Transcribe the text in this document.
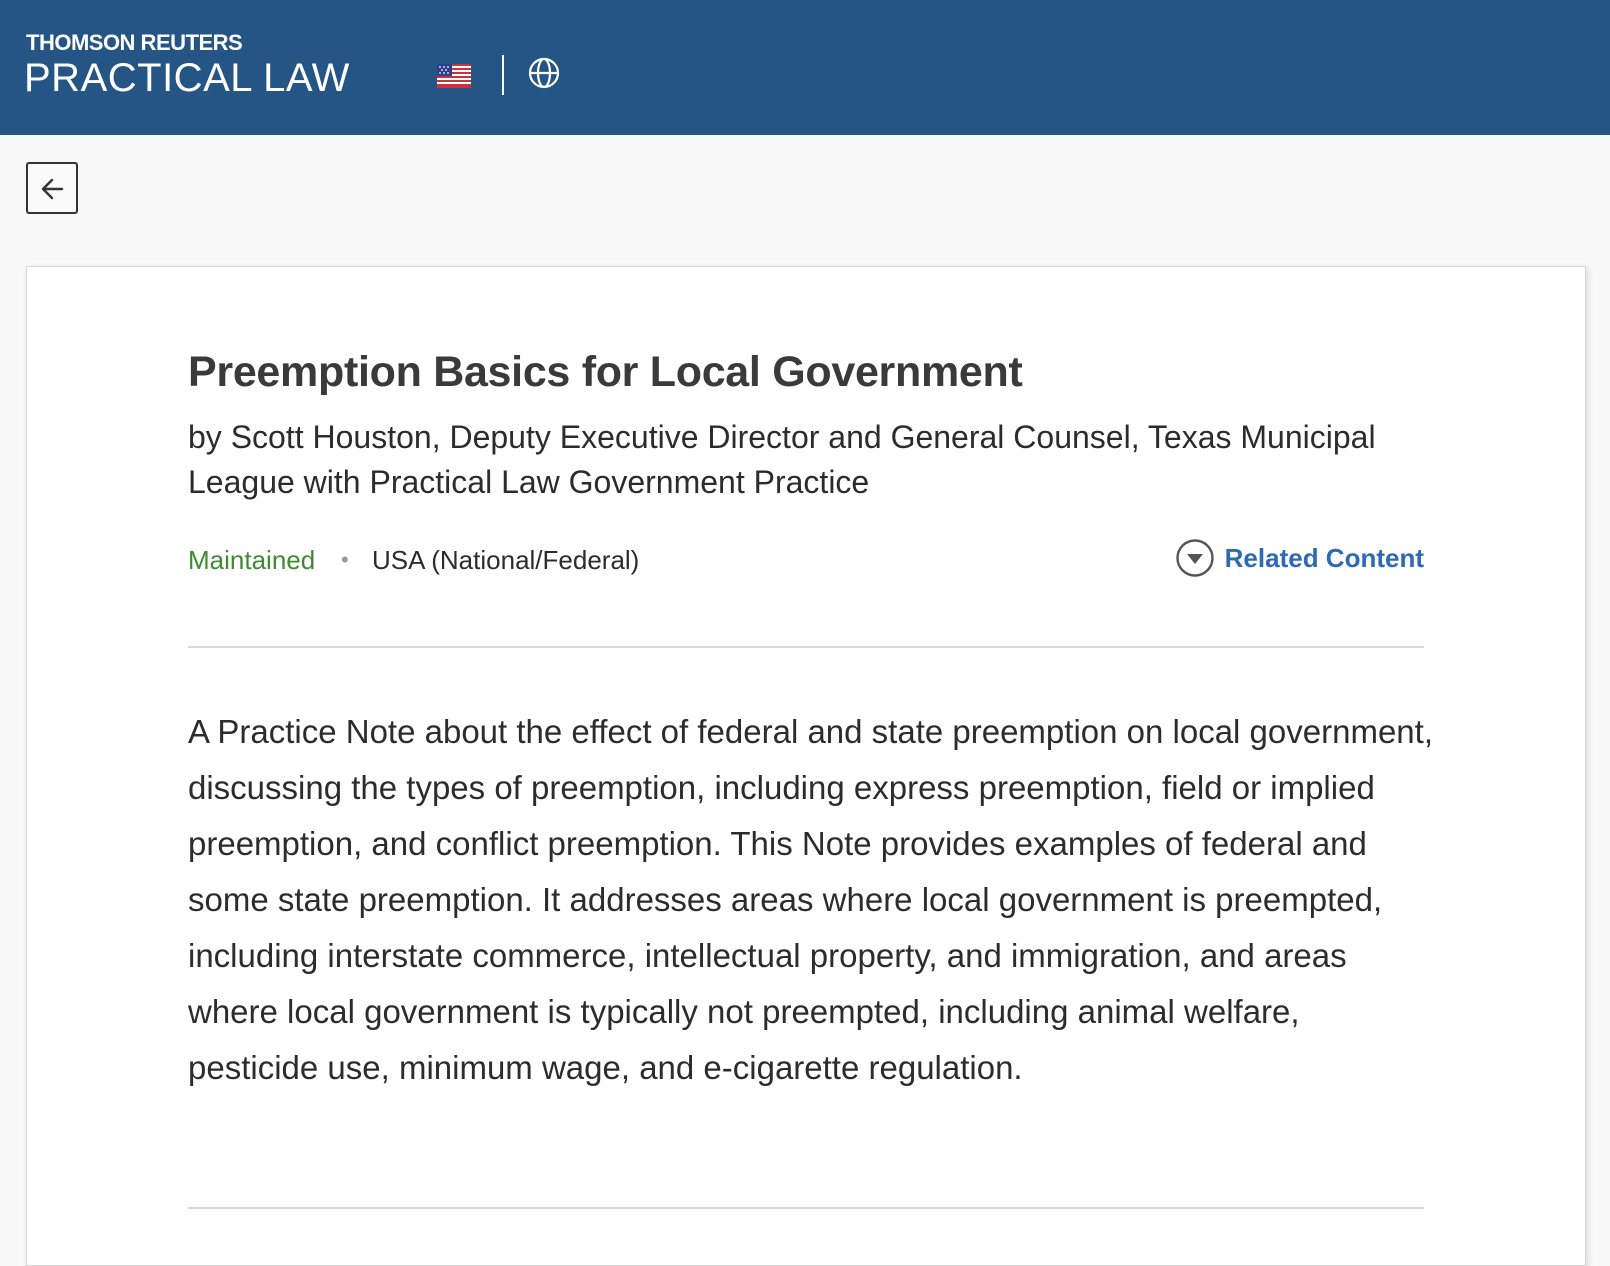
THOMSON REUTERS
PRACTICAL LAW
Preemption Basics for Local Government
by Scott Houston, Deputy Executive Director and General Counsel, Texas Municipal League with Practical Law Government Practice
Maintained • USA (National/Federal)	Related Content

A Practice Note about the effect of federal and state preemption on local government, discussing the types of preemption, including express preemption, field or implied preemption, and conflict preemption. This Note provides examples of federal and some state preemption. It addresses areas where local government is preempted, including interstate commerce, intellectual property, and immigration, and areas where local government is typically not preempted, including animal welfare, pesticide use, minimum wage, and e-cigarette regulation.
